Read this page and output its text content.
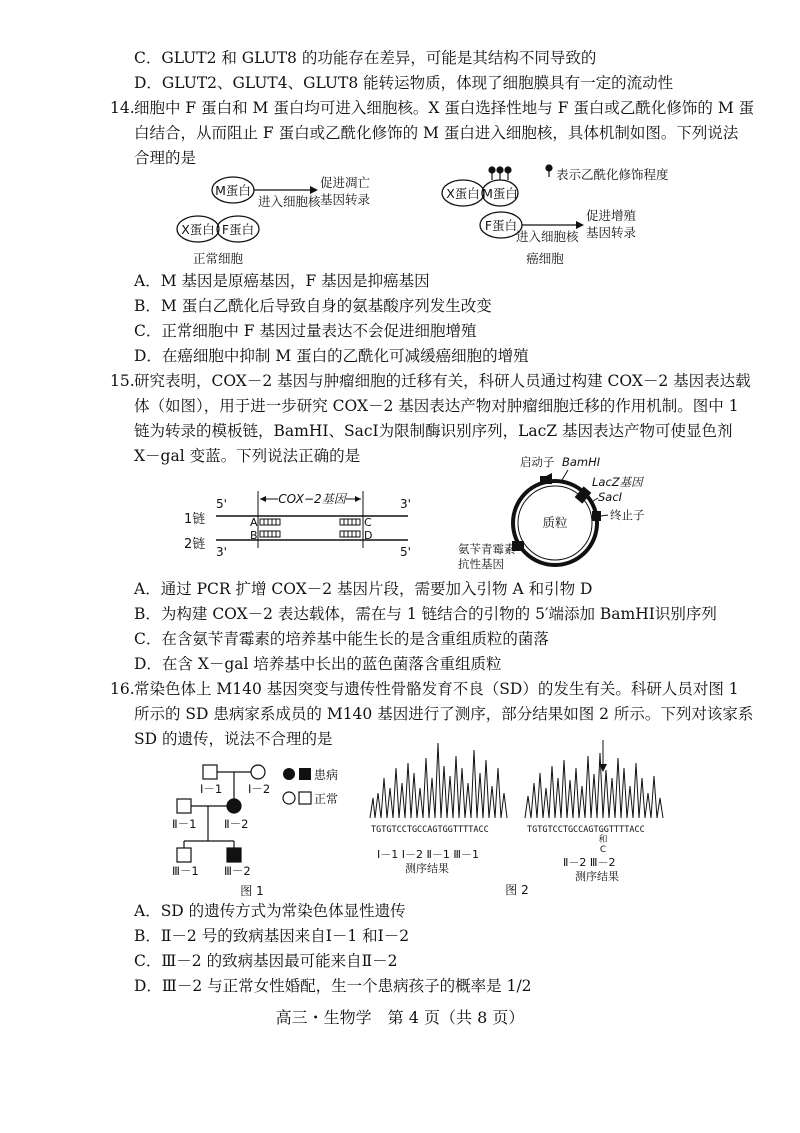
C．GLUT2 和 GLUT8 的功能存在差异，可能是其结构不同导致的
D．GLUT2、GLUT4、GLUT8 能转运物质，体现了细胞膜具有一定的流动性
14. 细胞中 F 蛋白和 M 蛋白均可进入细胞核。X 蛋白选择性地与 F 蛋白或乙酰化修饰的 M 蛋
白结合，从而阻止 F 蛋白或乙酰化修饰的 M 蛋白进入细胞核，具体机制如图。下列说法
合理的是
M蛋白
进入细胞核
促进凋亡
基因转录
X蛋白 F蛋白
正常细胞
X蛋白 M蛋白
表示乙酰化修饰程度
F蛋白
进入细胞核
促进增殖
基因转录
癌细胞
A．M 基因是原癌基因，F 基因是抑癌基因
B．M 蛋白乙酰化后导致自身的氨基酸序列发生改变
C．正常细胞中 F 基因过量表达不会促进细胞增殖
D．在癌细胞中抑制 M 蛋白的乙酰化可减缓癌细胞的增殖
15. 研究表明，COX－2 基因与肿瘤细胞的迁移有关，科研人员通过构建 COX－2 基因表达载
体（如图），用于进一步研究 COX－2 基因表达产物对肿瘤细胞迁移的作用机制。图中 1
链为转录的模板链，BamHⅠ、SacⅠ为限制酶识别序列，LacZ 基因表达产物可使显色剂
X－gal 变蓝。下列说法正确的是
5'	3'
1链
2链 3'	5'
COX−2基因
A
B
C
D
质粒
启动子 BamHⅠ
LacZ基因
SacⅠ
终止子
氨苄青霉素
抗性基因
A．通过 PCR 扩增 COX－2 基因片段，需要加入引物 A 和引物 D
B．为构建 COX－2 表达载体，需在与 1 链结合的引物的 5′端添加 BamHⅠ识别序列
C．在含氨苄青霉素的培养基中能生长的是含重组质粒的菌落
D．在含 X－gal 培养基中长出的蓝色菌落含重组质粒
16. 常染色体上 M140 基因突变与遗传性骨骼发育不良（SD）的发生有关。科研人员对图 1
所示的 SD 患病家系成员的 M140 基因进行了测序，部分结果如图 2 所示。下列对该家系
SD 的遗传，说法不合理的是
Ⅰ－1 Ⅰ－2
Ⅱ－1 Ⅱ－2
Ⅲ－1 Ⅲ－2
患病
正常
图 1
TGTGTCCTGCCAGTGGTTTTACC	TGTGTCCTGCCAGTGGTTTTACC
和
C
Ⅰ－1 Ⅰ－2 Ⅱ－1 Ⅲ－1
测序结果	Ⅱ－2 Ⅲ－2
测序结果
图 2
A．SD 的遗传方式为常染色体显性遗传
B．Ⅱ－2 号的致病基因来自Ⅰ－1 和Ⅰ－2
C．Ⅲ－2 的致病基因最可能来自Ⅱ－2
D．Ⅲ－2 与正常女性婚配，生一个患病孩子的概率是 1/2
高三・生物学　第 4 页（共 8 页）
